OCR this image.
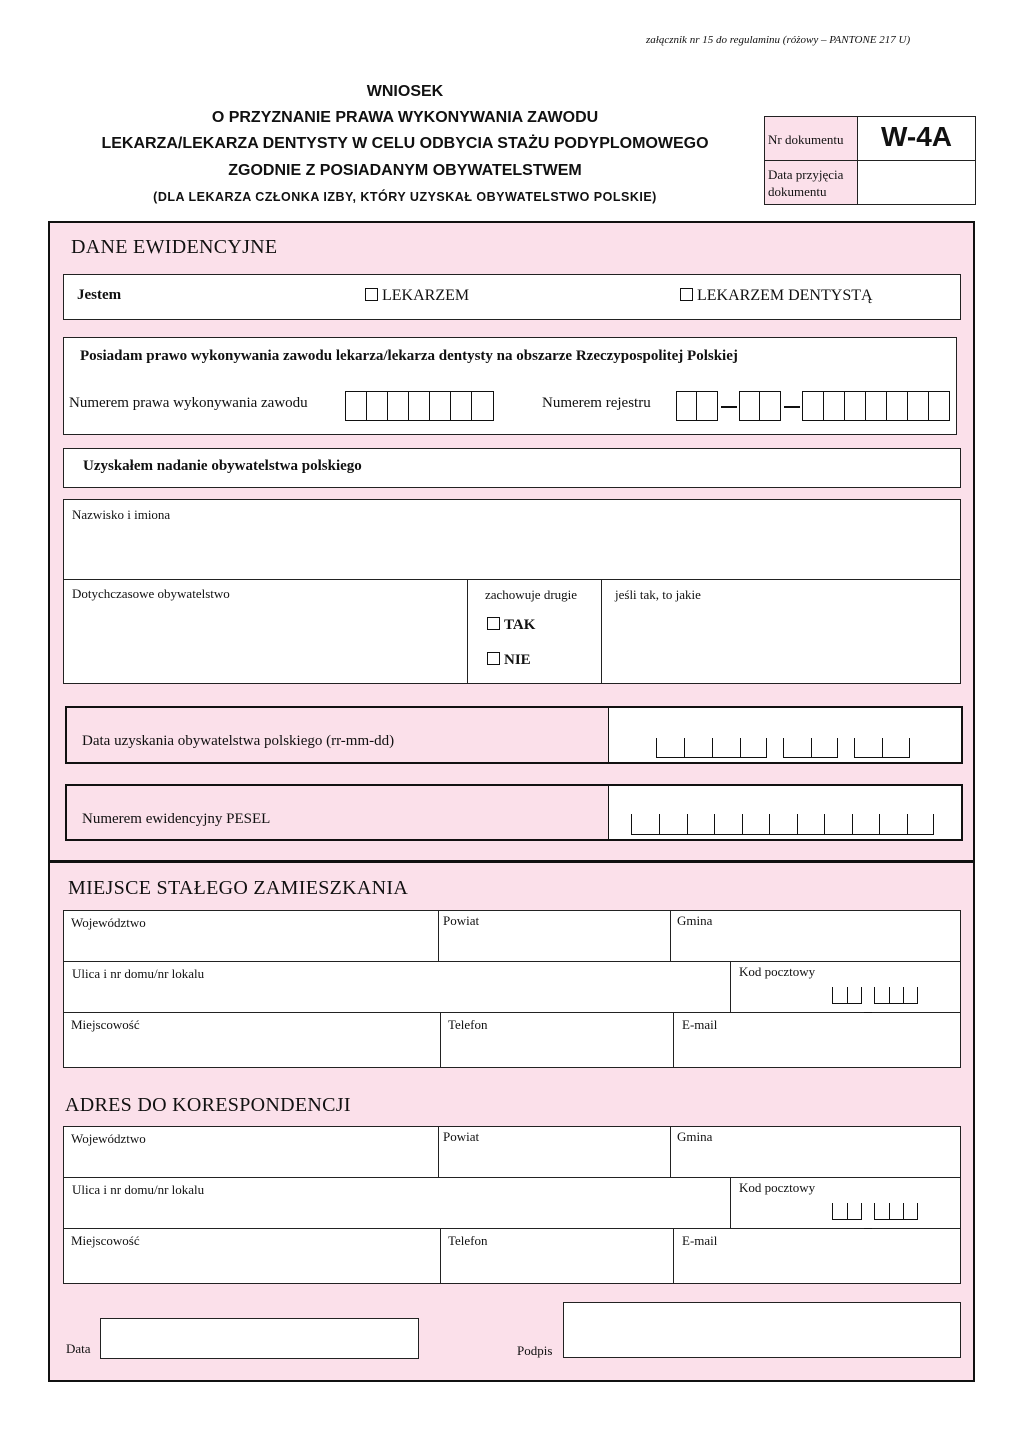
załącznik nr 15 do regulaminu (różowy – PANTONE 217 U)
WNIOSEK
O PRZYZNANIE PRAWA WYKONYWANIA ZAWODU
LEKARZA/LEKARZA DENTYSTY W CELU ODBYCIA STAŻU PODYPLOMOWEGO
ZGODNIE Z POSIADANYM OBYWATELSTWEM
(DLA LEKARZA CZŁONKA IZBY, KTÓRY UZYSKAŁ OBYWATELSTWO POLSKIE)
Nr dokumentu	W-4A
Data przyjęcia dokumentu
DANE EWIDENCYJNE
Jestem	LEKARZEM	LEKARZEM DENTYSTĄ
Posiadam prawo wykonywania zawodu lekarza/lekarza dentysty na obszarze Rzeczypospolitej Polskiej
Numerem prawa wykonywania zawodu	Numerem rejestru
Uzyskałem nadanie obywatelstwa polskiego
Nazwisko i imiona
Dotychczasowe obywatelstwo	zachowuje drugie
TAK
NIE
jeśli tak, to jakie
Data uzyskania obywatelstwa polskiego (rr-mm-dd)
Numerem ewidencyjny PESEL
MIEJSCE STAŁEGO ZAMIESZKANIA
Województwo	Powiat	Gmina
Ulica i nr domu/nr lokalu	Kod pocztowy
Miejscowość	Telefon	E-mail
ADRES DO KORESPONDENCJI
Województwo	Powiat	Gmina
Ulica i nr domu/nr lokalu	Kod pocztowy
Miejscowość	Telefon	E-mail
Data	Podpis
